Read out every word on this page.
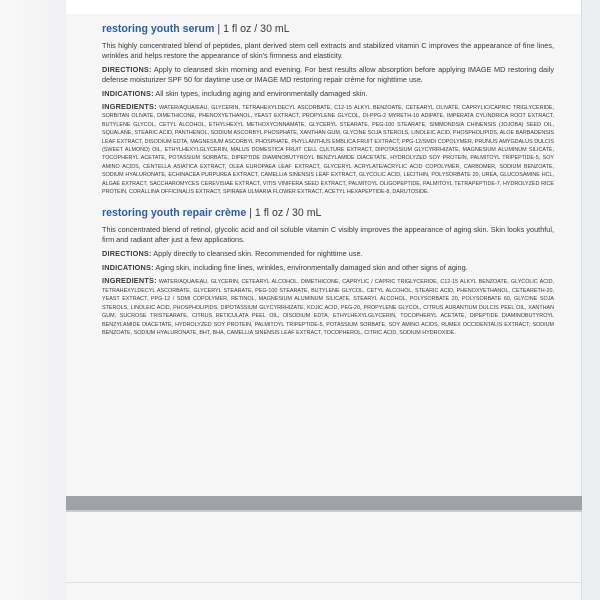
restoring youth serum | 1 fl oz / 30 mL

This highly concentrated blend of peptides, plant derived stem cell extracts and stabilized vitamin C improves the appearance of fine lines, wrinkles and helps restore the appearance of skin's firmness and elasticity.

DIRECTIONS: Apply to cleansed skin morning and evening. For best results allow absorption before applying IMAGE MD restoring daily defense moisturizer SPF 50 for daytime use or IMAGE MD restoring repair crème for nighttime use.

INDICATIONS: All skin types, including aging and environmentally damaged skin.

INGREDIENTS: WATER/AQUA/EAU, GLYCERIN, TETRAHEXYLDECYL ASCORBATE, C12-15 ALKYL BENZOATE, CETEARYL OLIVATE, CAPRYLIC/CAPRIC TRIGLYCERIDE, SORBITAN OLIVATE, DIMETHICONE, PHENOXYETHANOL, YEAST EXTRACT, PROPYLENE GLYCOL, DI-PPG-2 MYRETH-10 ADIPATE, IMPERATA CYLINDRICA ROOT EXTRACT, BUTYLENE GLYCOL, CETYL ALCOHOL, ETHYLHEXYL METHOXYCINNAMATE, GLYCERYL STEARATE, PEG-100 STEARATE, SIMMONDSIA CHINENSIS (JOJOBA) SEED OIL, SQUALANE, STEARIC ACID, PANTHENOL, SODIUM ASCORBYL PHOSPHATE, XANTHAN GUM, GLYCINE SOJA STEROLS, LINOLEIC ACID, PHOSPHOLIPIDS, ALOE BARBADENSIS LEAF EXTRACT, DISODIUM EDTA, MAGNESIUM ASCORBYL PHOSPHATE, PHYLLANTHUS EMBLICA FRUIT EXTRACT, PPG-12/SMDI COPOLYMER, PRUNUS AMYGDALUS DULCIS (SWEET ALMOND) OIL, ETHYLHEXYLGLYCERIN, MALUS DOMESTICA FRUIT CELL CULTURE EXTRACT, DIPOTASSIUM GLYCYRRHIZATE, MAGNESIUM ALUMINUM SILICATE, TOCOPHERYL ACETATE, POTASSIUM SORBATE, DIPEPTIDE DIAMINOBUTYROYL BENZYLAMIDE DIACETATE, HYDROLYZED SOY PROTEIN, PALMITOYL TRIPEPTIDE-5, SOY AMINO ACIDS, CENTELLA ASIATICA EXTRACT, OLEA EUROPAEA LEAF EXTRACT, GLYCERYL ACRYLATE/ACRYLIC ACID COPOLYMER, CARBOMER, SODIUM BENZOATE, SODIUM HYALURONATE, ECHINACEA PURPUREA EXTRACT, CAMELLIA SINENSIS LEAF EXTRACT, GLYCOLIC ACID, LECITHIN, POLYSORBATE 20, UREA, GLUCOSAMINE HCL, ALGAE EXTRACT, SACCHAROMYCES CEREVISIAE EXTRACT, VITIS VINIFERA SEED EXTRACT, PALMITOYL OLIGOPEPTIDE, PALMITOYL TETRAPEPTIDE-7, HYDROLYZED RICE PROTEIN, CORALLINA OFFICINALIS EXTRACT, SPIRAEA ULMARIA FLOWER EXTRACT, ACETYL HEXAPEPTIDE-8, DARUTOSIDE.

restoring youth repair crème | 1 fl oz / 30 mL

This concentrated blend of retinol, glycolic acid and oil soluble vitamin C visibly improves the appearance of aging skin. Skin looks youthful, firm and radiant after just a few applications.

DIRECTIONS: Apply directly to cleansed skin. Recommended for nighttime use.

INDICATIONS: Aging skin, including fine lines, wrinkles, environmentally damaged skin and other signs of aging.

INGREDIENTS: WATER/AQUA/EAU, GLYCERIN, CETEARYL ALCOHOL, DIMETHICONE, CAPRYLIC / CAPRIC TRIGLYCERIDE, C12-15 ALKYL BENZOATE, GLYCOLIC ACID, TETRAHEXYLDECYL ASCORBATE, GLYCERYL STEARATE, PEG-100 STEARATE, BUTYLENE GLYCOL, CETYL ALCOHOL, STEARIC ACID, PHENOXYETHANOL, CETEARETH-20, YEAST EXTRACT, PPG-12 / SDMI COPOLYMER, RETINOL, MAGNESIUM ALUMINUM SILICATE, STEARYL ALCOHOL, POLYSORBATE 20, POLYSORBATE 60, GLYCINE SOJA STEROLS, LINOLEIC ACID, PHOSPHOLIPIDS, DIPOTASSIUM GLYCYRRHIZATE, KOJIC ACID, PEG-20, PROPYLENE GLYCOL, CITRUS AURANTIUM DULCIS PEEL OIL, XANTHAN GUM, SUCROSE TRISTEARATE, CITRUS RETICULATA PEEL OIL, DISODIUM EDTA, ETHYLHEXYLGLYCERIN, TOCOPHERYL ACETATE, DIPEPTIDE DIAMINOBUTYROYL BENZYLAMIDE DIACETATE, HYDROLYZED SOY PROTEIN, PALMITOYL TRIPEPTIDE-5, POTASSIUM SORBATE, SOY AMINO ACIDS, RUMEX OCCIDENTALIS EXTRACT, SODIUM BENZOATE, SODIUM HYALURONATE, BHT, BHA, CAMELLIA SINENSIS LEAF EXTRACT, TOCOPHEROL, CITRIC ACID, SODIUM HYDROXIDE.
